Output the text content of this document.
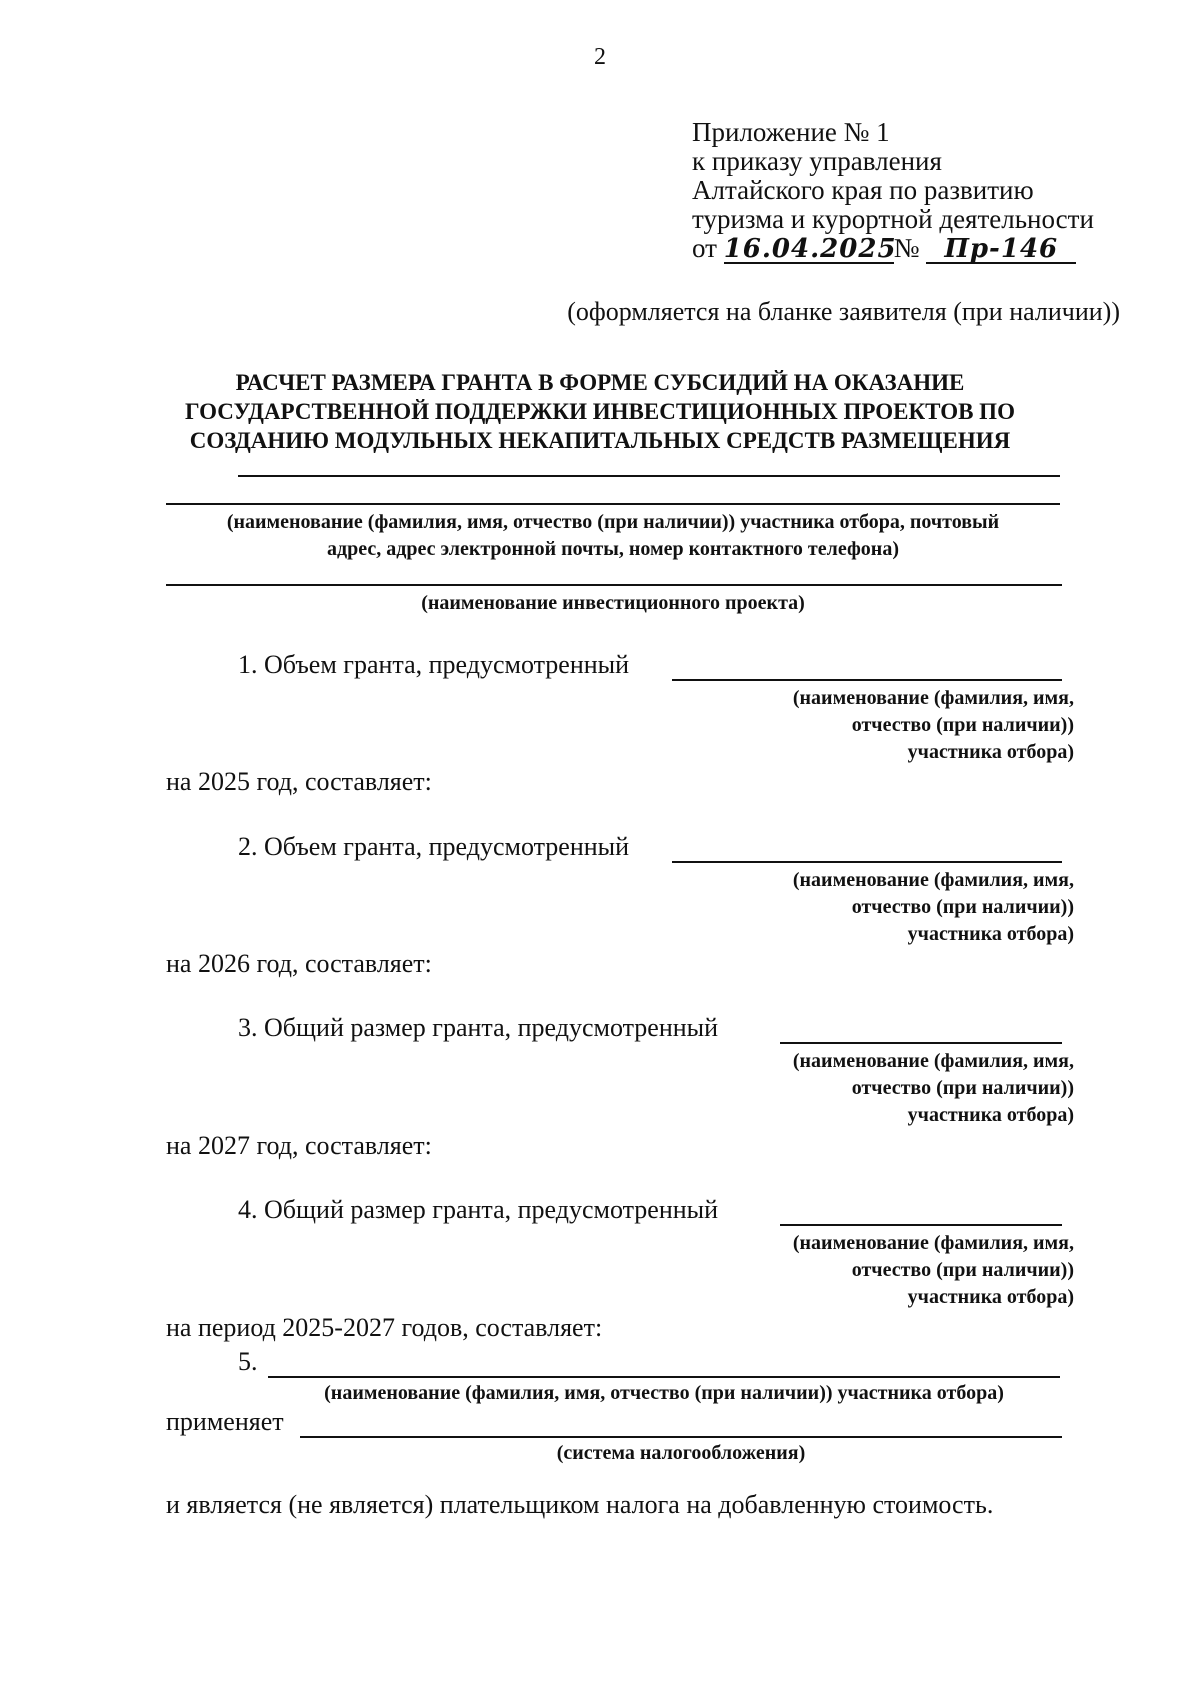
2
Приложение № 1
к приказу управления
Алтайского края по развитию
туризма и курортной деятельности
от 16.04.2025№ Пр-146
(оформляется на бланке заявителя (при наличии))
РАСЧЕТ РАЗМЕРА ГРАНТА В ФОРМЕ СУБСИДИЙ НА ОКАЗАНИЕ
ГОСУДАРСТВЕННОЙ ПОДДЕРЖКИ ИНВЕСТИЦИОННЫХ ПРОЕКТОВ ПО
СОЗДАНИЮ МОДУЛЬНЫХ НЕКАПИТАЛЬНЫХ СРЕДСТВ РАЗМЕЩЕНИЯ
(наименование (фамилия, имя, отчество (при наличии)) участника отбора, почтовый
адрес, адрес электронной почты, номер контактного телефона)
(наименование инвестиционного проекта)
1. Объем гранта, предусмотренный
(наименование (фамилия, имя,
отчество (при наличии))
участника отбора)
на 2025 год, составляет:
2. Объем гранта, предусмотренный
(наименование (фамилия, имя,
отчество (при наличии))
участника отбора)
на 2026 год, составляет:
3. Общий размер гранта, предусмотренный
(наименование (фамилия, имя,
отчество (при наличии))
участника отбора)
на 2027 год, составляет:
4. Общий размер гранта, предусмотренный
(наименование (фамилия, имя,
отчество (при наличии))
участника отбора)
на период 2025-2027 годов, составляет:
5.
(наименование (фамилия, имя, отчество (при наличии)) участника отбора)
применяет
(система налогообложения)
и является (не является) плательщиком налога на добавленную стоимость.
